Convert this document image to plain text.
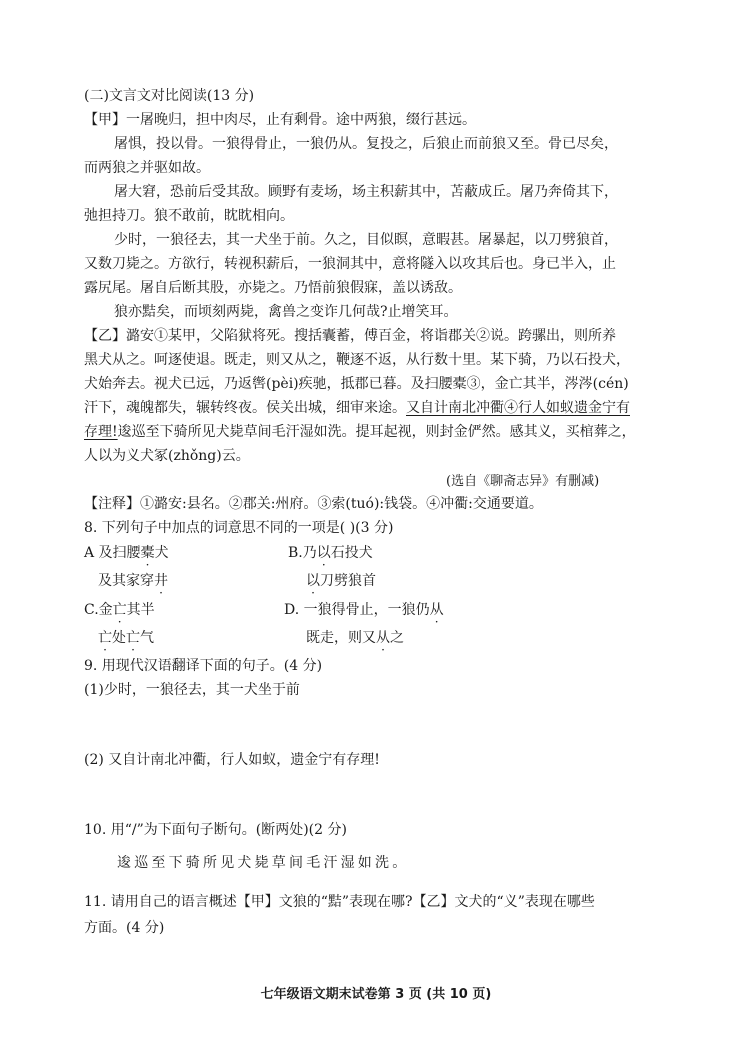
(二)文言文对比阅读(13 分)
【甲】一屠晚归，担中肉尽，止有剩骨。途中两狼，缀行甚远。
屠惧，投以骨。一狼得骨止，一狼仍从。复投之，后狼止而前狼又至。骨已尽矣，
而两狼之并驱如故。
屠大窘，恐前后受其敌。顾野有麦场，场主积薪其中，苫蔽成丘。屠乃奔倚其下，
弛担持刀。狼不敢前，眈眈相向。
少时，一狼径去，其一犬坐于前。久之，目似瞑，意暇甚。屠暴起，以刀劈狼首，
又数刀毙之。方欲行，转视积薪后，一狼洞其中，意将隧入以攻其后也。身已半入，止
露尻尾。屠自后断其股，亦毙之。乃悟前狼假寐，盖以诱敌。
狼亦黠矣，而顷刻两毙，禽兽之变诈几何哉?止增笑耳。
【乙】潞安①某甲，父陷狱将死。搜括囊蓄，傅百金，将诣郡关②说。跨骡出，则所养
黑犬从之。呵逐使退。既走，则又从之，鞭逐不返，从行数十里。某下骑，乃以石投犬，
犬始奔去。视犬已远，乃返辔(pèi)疾驰，抵郡已暮。及扫腰橐③，金亡其半，涔涔(cén)
汗下，魂魄都失，辗转终夜。侯关出城，细审来途。又自计南北冲衢④行人如蚁遗金宁有
存理!逡巡至下骑所见犬毙草间毛汗湿如洗。提耳起视，则封金俨然。感其义，买棺葬之，
人以为义犬冢(zhǒng)云。
(选自《聊斋志异》有删减)
【注释】①潞安:县名。②郡关:州府。③索(tuó):钱袋。④冲衢:交通要道。
8. 下列句子中加点的词意思不同的一项是( )(3 分)
A 及扫腰橐犬	B.乃以石投犬
及其家穿井	以刀劈狼首
C.金亡其半	D. 一狼得骨止，一狼仍从
亡处亡气	既走，则又从之
9. 用现代汉语翻译下面的句子。(4 分)
(1)少时，一狼径去，其一犬坐于前
(2) 又自计南北冲衢，行人如蚁，遗金宁有存理!
10. 用“/”为下面句子断句。(断两处)(2 分)
逡巡至下骑所见犬毙草间毛汗湿如洗。
11. 请用自己的语言概述【甲】文狼的“黠”表现在哪?【乙】文犬的“义”表现在哪些
方面。(4 分)
七年级语文期末试卷第 3 页 (共 10 页)
